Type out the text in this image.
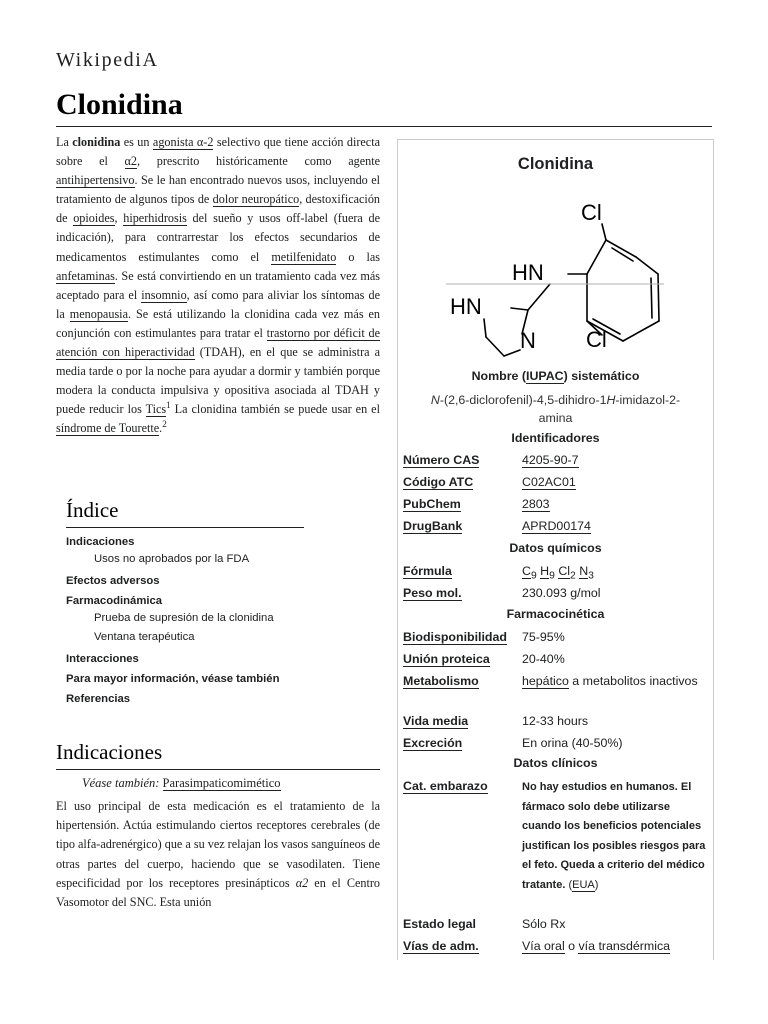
WikipediA
Clonidina

La clonidina es un agonista α-2 selectivo que tiene acción directa sobre el α2, prescrito históricamente como agente antihipertensivo. Se le han encontrado nuevos usos, incluyendo el tratamiento de algunos tipos de dolor neuropático, destoxificación de opioides, hiperhidrosis del sueño y usos off-label (fuera de indicación), para contrarrestar los efectos secundarios de medicamentos estimulantes como el metilfenidato o las anfetaminas. Se está convirtiendo en un tratamiento cada vez más aceptado para el insomnio, así como para aliviar los síntomas de la menopausia. Se está utilizando la clonidina cada vez más en conjunción con estimulantes para tratar el trastorno por déficit de atención con hiperactividad (TDAH), en el que se administra a media tarde o por la noche para ayudar a dormir y también porque modera la conducta impulsiva y opositiva asociada al TDAH y puede reducir los Tics$^1$ La clonidina también se puede usar en el síndrome de Tourette.$^2$

Índice

Indicaciones

Usos no aprobados por la FDA

Efectos adversos

Farmacodinámica

Prueba de supresión de la clonidina

Ventana terapéutica

Interacciones

Para mayor información, véase también

Referencias

Indicaciones

Véase también: Parasimpaticomimético

El uso principal de esta medicación es el tratamiento de la hipertensión. Actúa estimulando ciertos receptores cerebrales (de tipo alfa-adrenérgico) que a su vez relajan los vasos sanguíneos de otras partes del cuerpo, haciendo que se vasodilaten. Tiene especificidad por los receptores presinápticos α2 en el Centro Vasomotor del SNC. Esta unión

Clonidina
Cl
HN
HN
N Cl
Nombre (IUPAC) sistemático
N-(2,6-diclorofenil)-4,5-dihidro-1H-imidazol-2-
amina
Identificadores
Número CAS	4205-90-7
Código ATC	C02AC01
PubChem	2803
DrugBank	APRD00174
Datos químicos
Fórmula	$C_9$ $H_9$ $Cl_2$ $N_3$
Peso mol.	230.093 g/mol
Farmacocinética
Biodisponibilidad 75-95%
Unión proteica	20-40%
Metabolismo	hepático a metabolitos inactivos
Vida media	12-33 hours
Excreción	En orina (40-50%)
Datos clínicos
Cat. embarazo	No hay estudios en humanos. El fármaco solo debe utilizarse cuando los beneficios potenciales justifican los posibles riesgos para el feto. Queda a criterio del médico tratante. (EUA)
Estado legal	Sólo Rx
Vías de adm.	Vía oral o vía transdérmica
